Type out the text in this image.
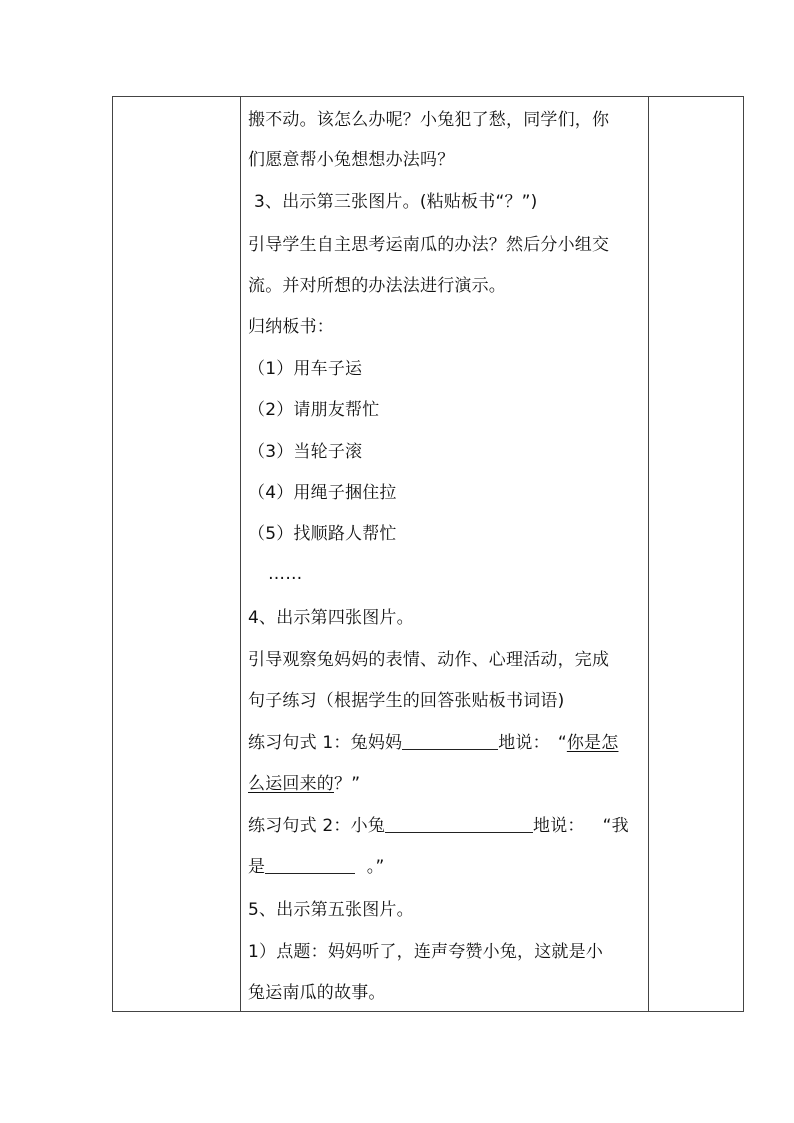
搬不动。该怎么办呢？小兔犯了愁，同学们，你
们愿意帮小兔想想办法吗？
3、出示第三张图片。(粘贴板书“？”)
引导学生自主思考运南瓜的办法？然后分小组交
流。并对所想的办法法进行演示。
归纳板书：
（1）用车子运
（2）请朋友帮忙
（3）当轮子滚
（4）用绳子捆住拉
（5）找顺路人帮忙
……
4、出示第四张图片。
引导观察兔妈妈的表情、动作、心理活动，完成
句子练习（根据学生的回答张贴板书词语)
练习句式 1：兔妈妈	地说： “你是怎
么运回来的？”
练习句式 2：小兔	地说： “我
是	。”
5、出示第五张图片。
1）点题：妈妈听了，连声夸赞小兔，这就是小
兔运南瓜的故事。
